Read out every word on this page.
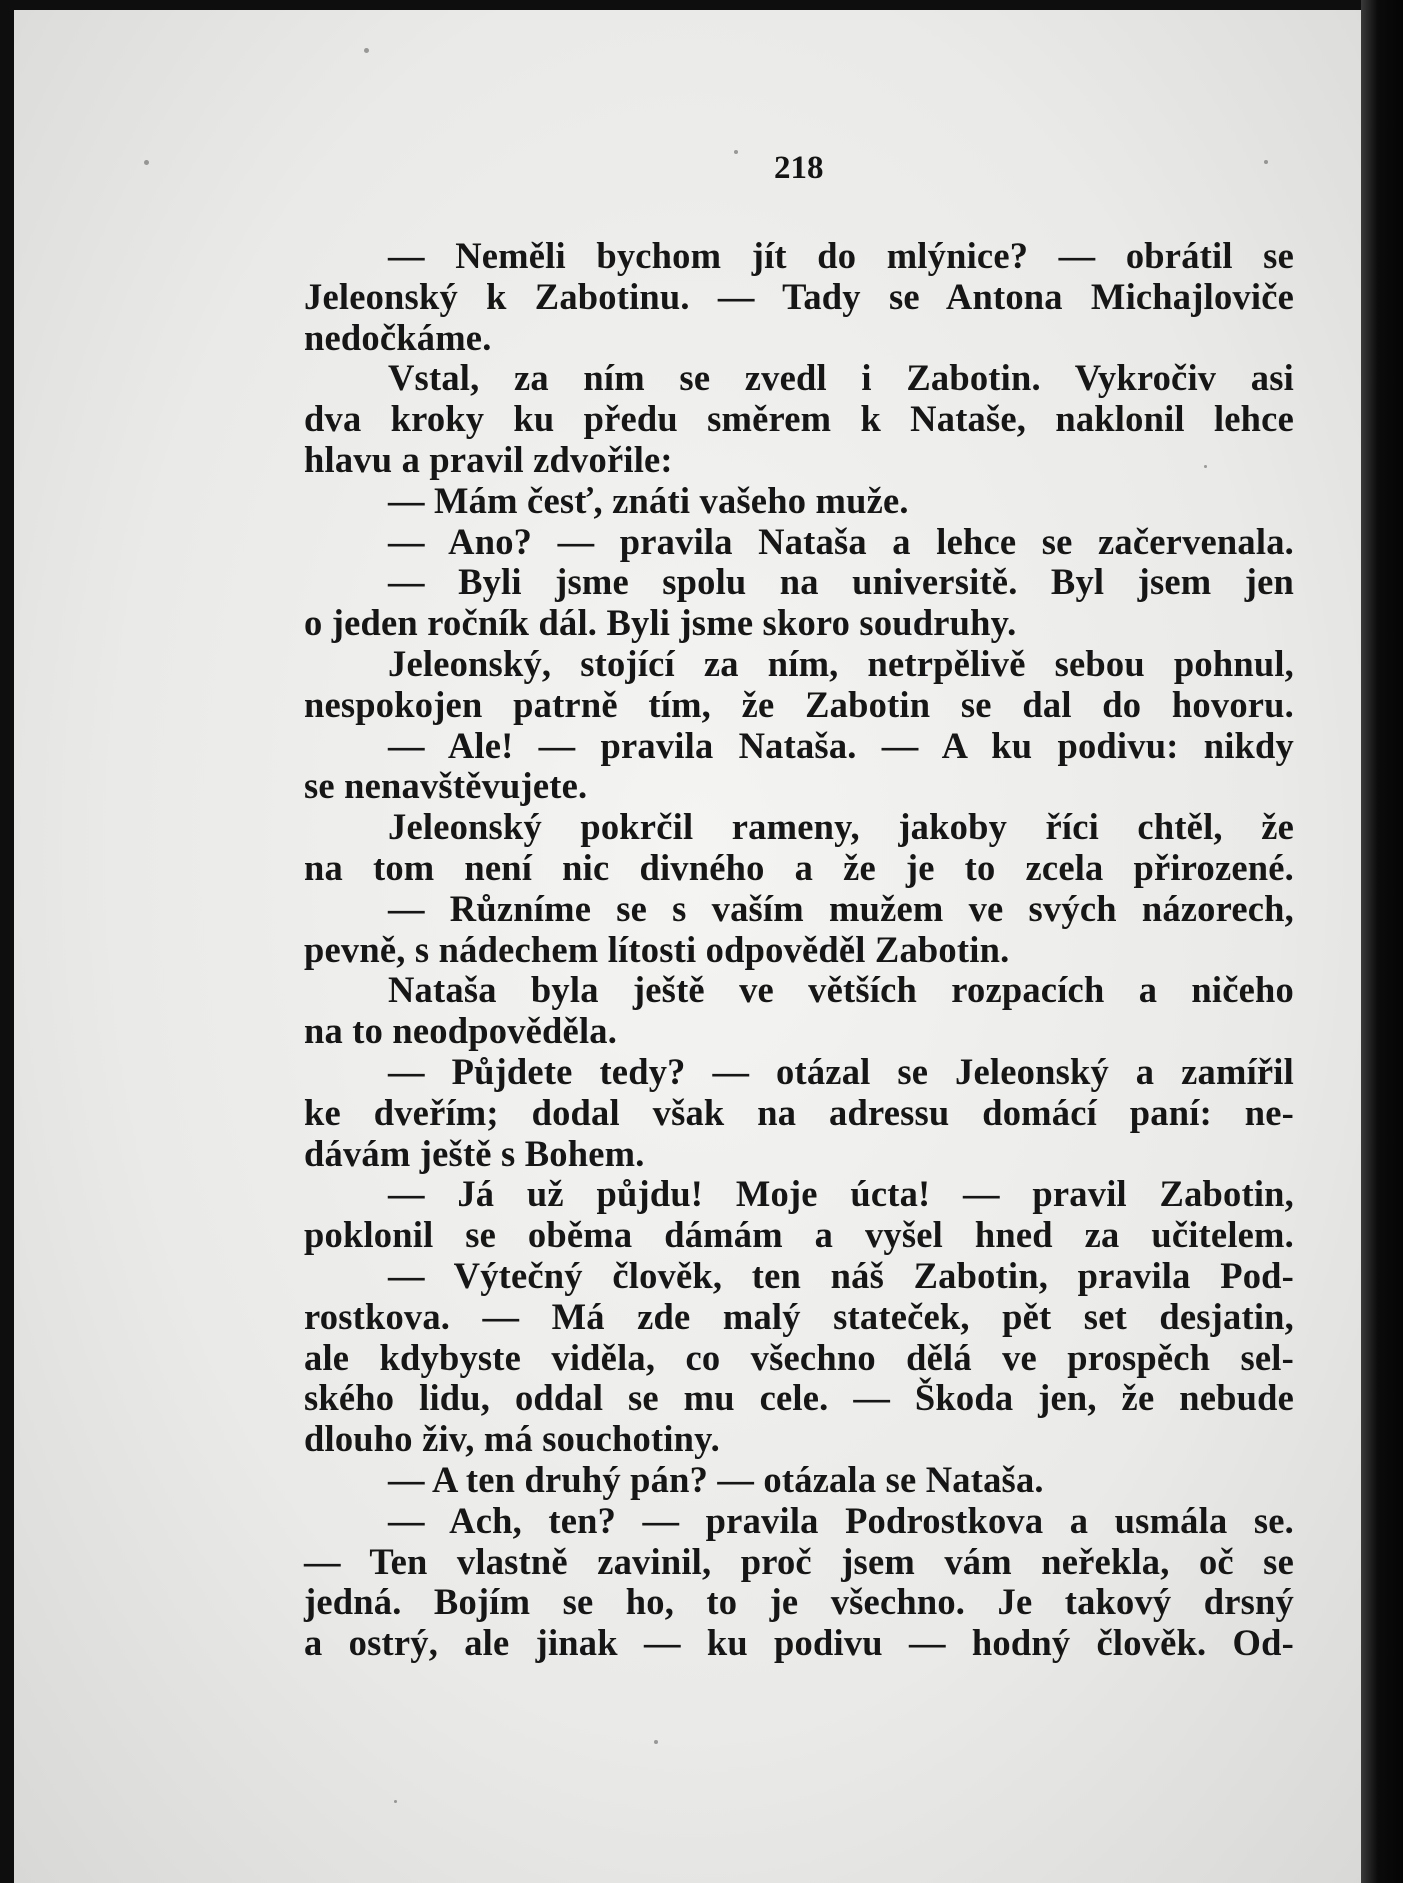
218
— Neměli bychom jít do mlýnice? — obrátil se
Jeleonský k Zabotinu. — Tady se Antona Michajloviče
nedočkáme.
Vstal, za ním se zvedl i Zabotin. Vykročiv asi
dva kroky ku předu směrem k Nataše, naklonil lehce
hlavu a pravil zdvořile:
— Mám česť, znáti vašeho muže.
— Ano? — pravila Nataša a lehce se začervenala.
— Byli jsme spolu na universitě. Byl jsem jen
o jeden ročník dál. Byli jsme skoro soudruhy.
Jeleonský, stojící za ním, netrpělivě sebou pohnul,
nespokojen patrně tím, že Zabotin se dal do hovoru.
— Ale! — pravila Nataša. — A ku podivu: nikdy
se nenavštěvujete.
Jeleonský pokrčil rameny, jakoby říci chtěl, že
na tom není nic divného a že je to zcela přirozené.
— Různíme se s vaším mužem ve svých názorech,
pevně, s nádechem lítosti odpověděl Zabotin.
Nataša byla ještě ve větších rozpacích a ničeho
na to neodpověděla.
— Půjdete tedy? — otázal se Jeleonský a zamířil
ke dveřím; dodal však na adressu domácí paní: ne-
dávám ještě s Bohem.
— Já už půjdu! Moje úcta! — pravil Zabotin,
poklonil se oběma dámám a vyšel hned za učitelem.
— Výtečný člověk, ten náš Zabotin, pravila Pod-
rostkova. — Má zde malý stateček, pět set desjatin,
ale kdybyste viděla, co všechno dělá ve prospěch sel-
ského lidu, oddal se mu cele. — Škoda jen, že nebude
dlouho živ, má souchotiny.
— A ten druhý pán? — otázala se Nataša.
— Ach, ten? — pravila Podrostkova a usmála se.
— Ten vlastně zavinil, proč jsem vám neřekla, oč se
jedná. Bojím se ho, to je všechno. Je takový drsný
a ostrý, ale jinak — ku podivu — hodný člověk. Od-
